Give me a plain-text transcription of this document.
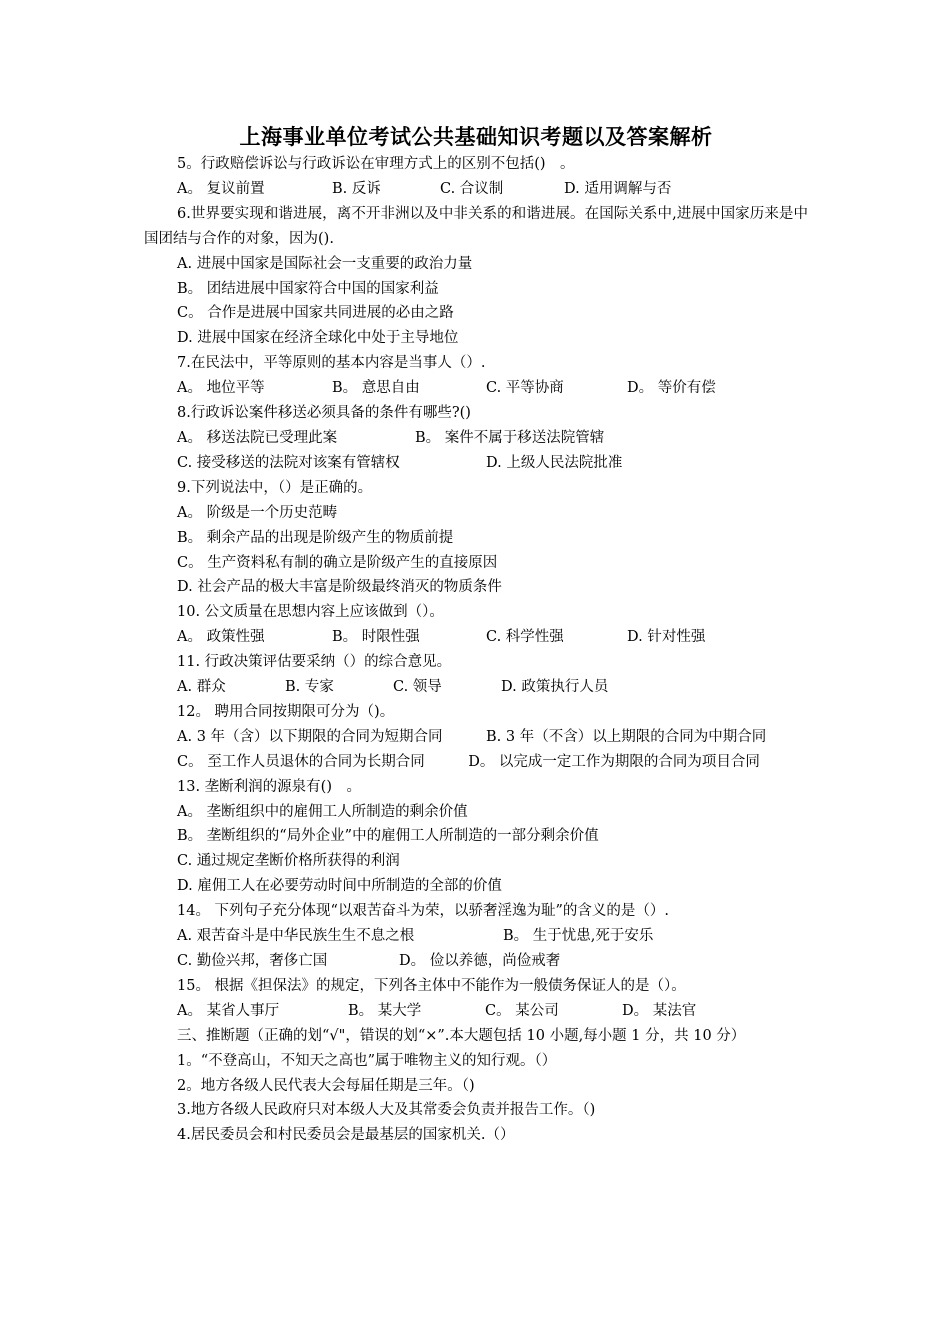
上海事业单位考试公共基础知识考题以及答案解析

5。行政赔偿诉讼与行政诉讼在审理方式上的区别不包括()　。

A。 复议前置	B. 反诉	C. 合议制	D. 适用调解与否

6.世界要实现和谐进展，离不开非洲以及中非关系的和谐进展。在国际关系中,进展中国家历来是中国团结与合作的对象，因为().

A. 进展中国家是国际社会一支重要的政治力量

B。 团结进展中国家符合中国的国家利益

C。 合作是进展中国家共同进展的必由之路

D. 进展中国家在经济全球化中处于主导地位

7.在民法中，平等原则的基本内容是当事人（）.

A。 地位平等	B。 意思自由	C. 平等协商	D。 等价有偿

8.行政诉讼案件移送必须具备的条件有哪些?()

A。 移送法院已受理此案	B。 案件不属于移送法院管辖

C. 接受移送的法院对该案有管辖权	D. 上级人民法院批准

9.下列说法中，（）是正确的。

A。 阶级是一个历史范畴

B。 剩余产品的出现是阶级产生的物质前提

C。 生产资料私有制的确立是阶级产生的直接原因

D. 社会产品的极大丰富是阶级最终消灭的物质条件

10. 公文质量在思想内容上应该做到（）。

A。 政策性强	B。 时限性强	C. 科学性强	D. 针对性强

11. 行政决策评估要采纳（）的综合意见。

A. 群众	B. 专家	C. 领导	D. 政策执行人员

12。 聘用合同按期限可分为（)。

A. 3 年（含）以下期限的合同为短期合同　　　B. 3 年（不含）以上期限的合同为中期合同

C。 至工作人员退休的合同为长期合同　　　D。 以完成一定工作为期限的合同为项目合同

13. 垄断利润的源泉有()　。

A。 垄断组织中的雇佣工人所制造的剩余价值

B。 垄断组织的“局外企业”中的雇佣工人所制造的一部分剩余价值

C. 通过规定垄断价格所获得的利润

D. 雇佣工人在必要劳动时间中所制造的全部的价值

14。 下列句子充分体现“以艰苦奋斗为荣，以骄奢淫逸为耻”的含义的是（）.

A. 艰苦奋斗是中华民族生生不息之根	B。 生于忧患,死于安乐

C. 勤俭兴邦，奢侈亡国	D。 俭以养德，尚俭戒奢

15。 根据《担保法》的规定，下列各主体中不能作为一般债务保证人的是（）。

A。 某省人事厅	B。 某大学	C。 某公司	D。 某法官

三、推断题（正确的划“√"，错误的划“×”.本大题包括 10 小题,每小题 1 分，共 10 分）

1。“不登高山，不知天之高也”属于唯物主义的知行观。（）

2。地方各级人民代表大会每届任期是三年。（)

3.地方各级人民政府只对本级人大及其常委会负责并报告工作。（)

4.居民委员会和村民委员会是最基层的国家机关.（）
